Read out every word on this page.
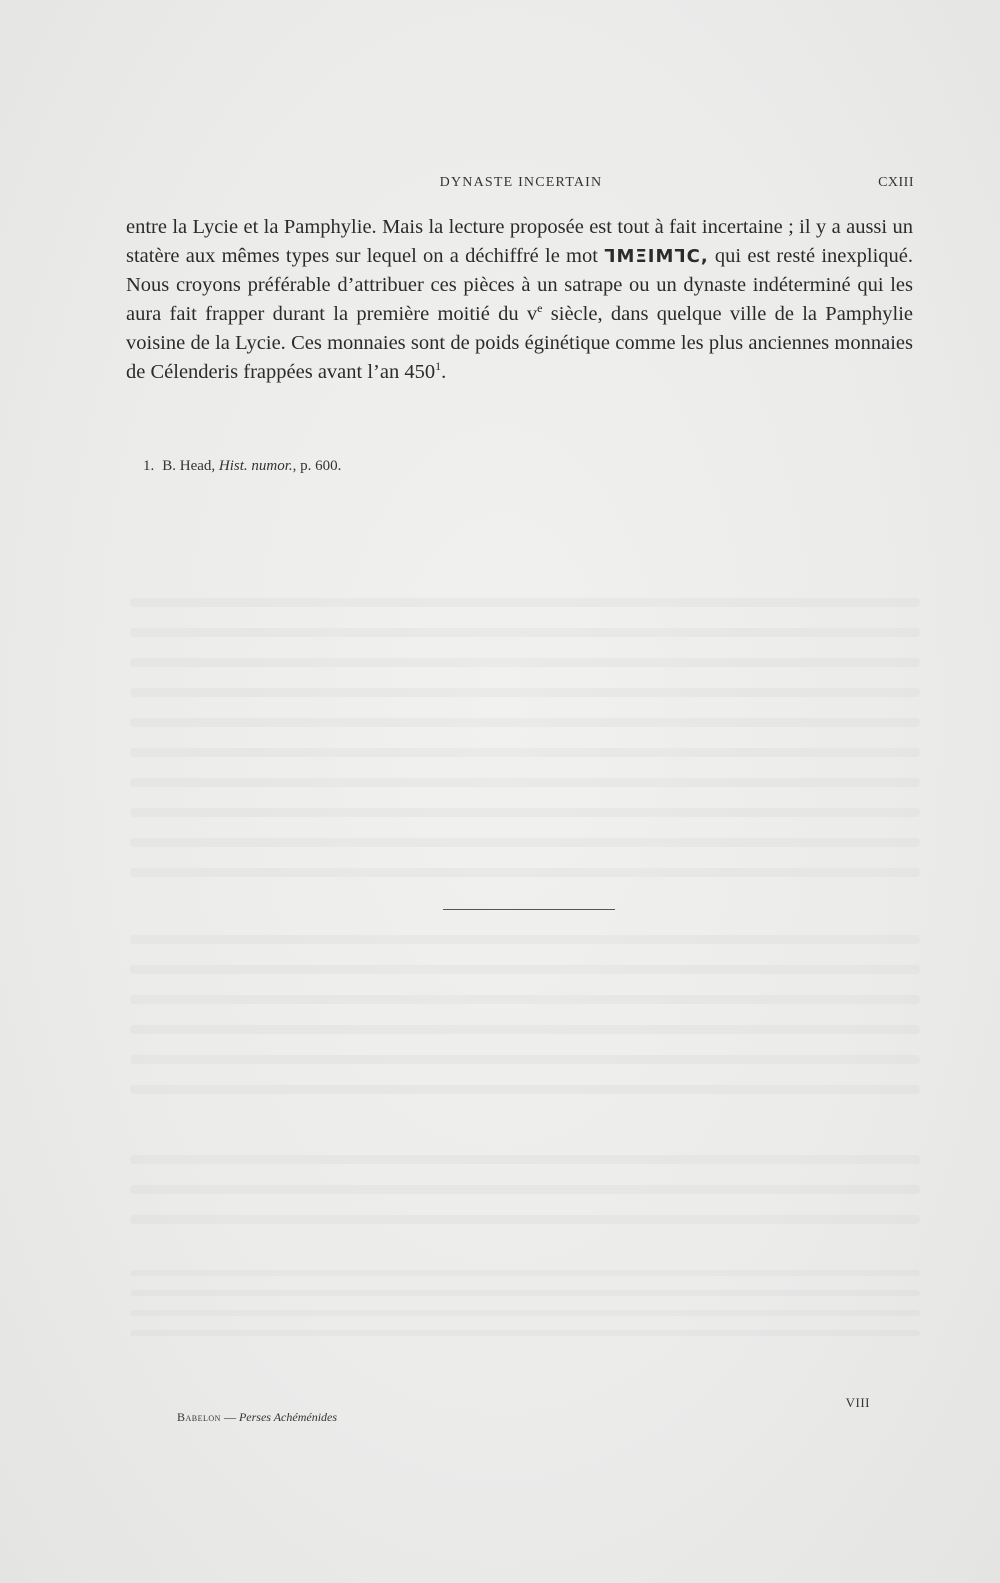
DYNASTE INCERTAIN	CXIII

entre la Lycie et la Pamphylie. Mais la lecture proposée est tout à fait incertaine ; il y a aussi un statère aux mêmes types sur lequel on a déchiffré le mot ᒣMΞIMᒣC, qui est resté inexpliqué. Nous croyons préférable d’attribuer ces pièces à un satrape ou un dynaste indéterminé qui les aura fait frapper durant la première moitié du $v^e$ siècle, dans quelque ville de la Pamphylie voisine de la Lycie. Ces monnaies sont de poids éginétique comme les plus anciennes monnaies de Célenderis frappées avant l’an $450^1$.

1. B. Head, Hist. numor., p. 600.
Babelon — Perses Achéménides
VIII
